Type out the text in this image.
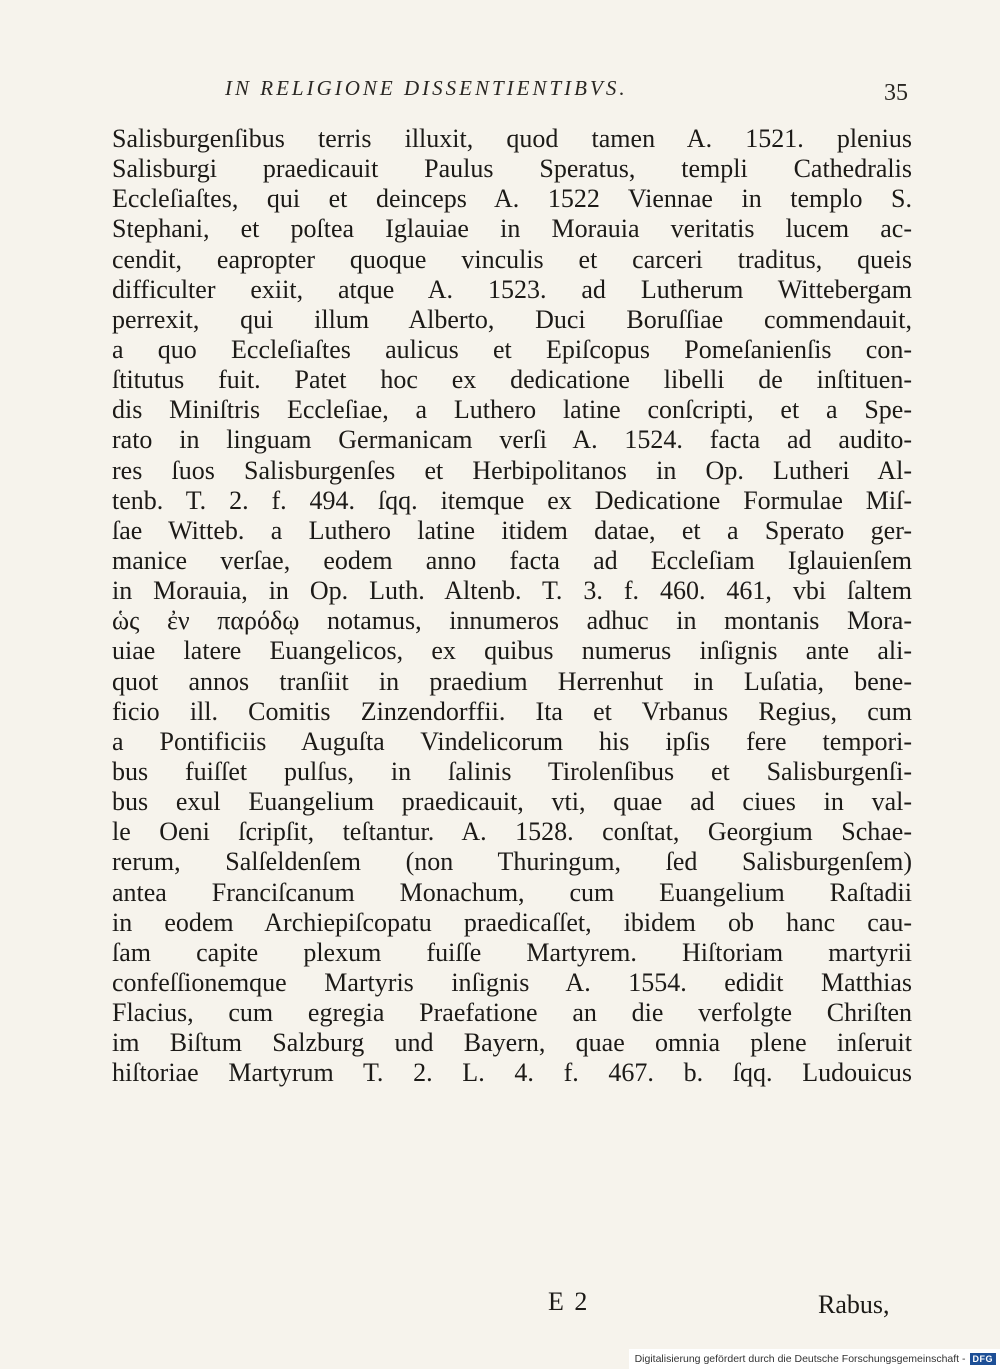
IN RELIGIONE DISSENTIENTIBVS.	35
Salisburgenſibus terris illuxit, quod tamen A. 1521. plenius
Salisburgi praedicauit Paulus Speratus, templi Cathedralis
Eccleſiaſtes, qui et deinceps A. 1522 Viennae in templo S.
Stephani, et poſtea Iglauiae in Morauia veritatis lucem ac-
cendit, eapropter quoque vinculis et carceri traditus, queis
difficulter exiit, atque A. 1523. ad Lutherum Wittebergam
perrexit, qui illum Alberto, Duci Boruſſiae commendauit,
a quo Eccleſiaſtes aulicus et Epiſcopus Pomeſanienſis con-
ſtitutus fuit. Patet hoc ex dedicatione libelli de inſtituen-
dis Miniſtris Eccleſiae, a Luthero latine conſcripti, et a Spe-
rato in linguam Germanicam verſi A. 1524. facta ad audito-
res ſuos Salisburgenſes et Herbipolitanos in Op. Lutheri Al-
tenb. T. 2. f. 494. ſqq. itemque ex Dedicatione Formulae Miſ-
ſae Witteb. a Luthero latine itidem datae, et a Sperato ger-
manice verſae, eodem anno facta ad Eccleſiam Iglauienſem
in Morauia, in Op. Luth. Altenb. T. 3. f. 460. 461, vbi ſaltem
ὡς ἐν παρόδῳ notamus, innumeros adhuc in montanis Mora-
uiae latere Euangelicos, ex quibus numerus inſignis ante ali-
quot annos tranſiit in praedium Herrenhut in Luſatia, bene-
ficio ill. Comitis Zinzendorffii. Ita et Vrbanus Regius, cum
a Pontificiis Auguſta Vindelicorum his ipſis fere tempori-
bus fuiſſet pulſus, in ſalinis Tirolenſibus et Salisburgenſi-
bus exul Euangelium praedicauit, vti, quae ad ciues in val-
le Oeni ſcripſit, teſtantur. A. 1528. conſtat, Georgium Schae-
rerum, Salſeldenſem (non Thuringum, ſed Salisburgenſem)
antea Franciſcanum Monachum, cum Euangelium Raſtadii
in eodem Archiepiſcopatu praedicaſſet, ibidem ob hanc cau-
ſam capite plexum fuiſſe Martyrem. Hiſtoriam martyrii
confeſſionemque Martyris inſignis A. 1554. edidit Matthias
Flacius, cum egregia Praefatione an die verfolgte Chriſten
im Biſtum Salzburg und Bayern, quae omnia plene inſeruit
hiſtoriae Martyrum T. 2. L. 4. f. 467. b. ſqq. Ludouicus
E 2	Rabus,
Digitalisierung gefördert durch die Deutsche Forschungsgemeinschaft - DFG
